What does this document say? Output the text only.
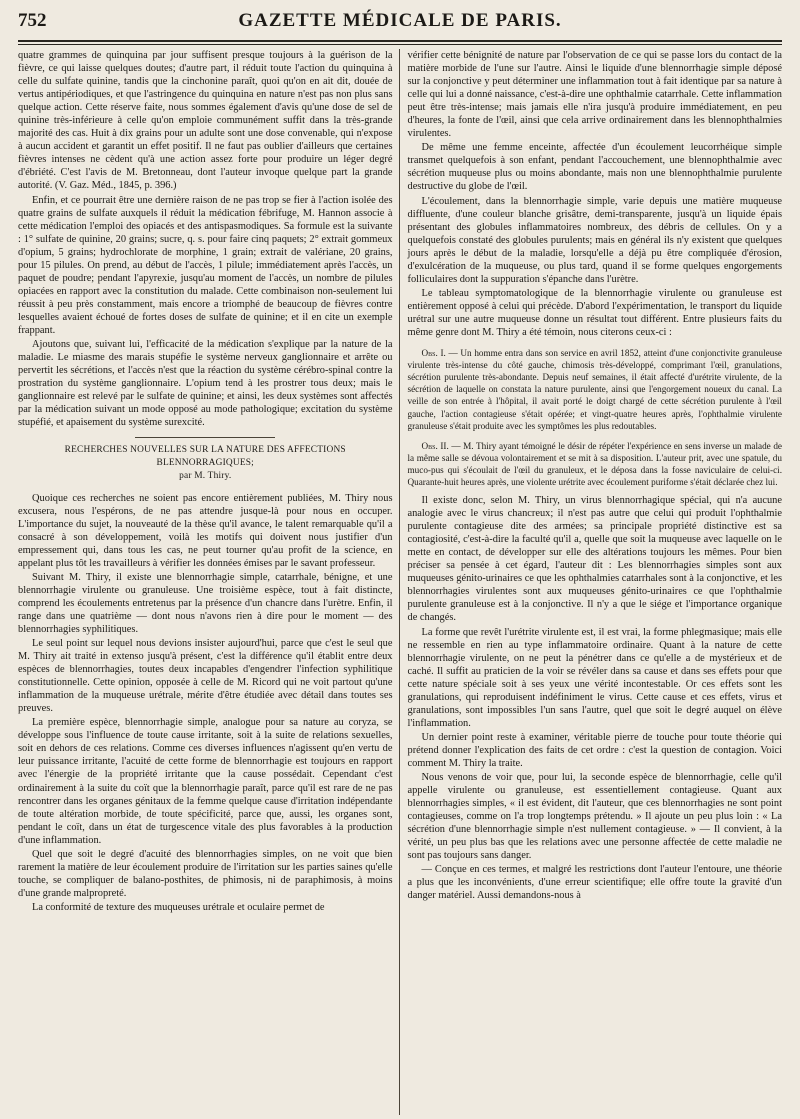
752	GAZETTE MÉDICALE DE PARIS.

quatre grammes de quinquina par jour suffisent presque toujours à la guérison de la fièvre, ce qui laisse quelques doutes; d'autre part, il réduit toute l'action du quinquina à celle du sulfate quinine, tandis que la cinchonine paraît, quoi qu'on en ait dit, douée de vertus antipériodiques, et que l'astringence du quinquina en nature n'est pas non plus sans quelque action. Cette réserve faite, nous sommes également d'avis qu'une dose de sel de quinine très-inférieure à celle qu'on emploie communément suffit dans la très-grande majorité des cas. Huit à dix grains pour un adulte sont une dose convenable, qui n'expose à aucun accident et garantit un effet positif. Il ne faut pas oublier d'ailleurs que certaines fièvres intenses ne cèdent qu'à une action assez forte pour produire un léger degré d'ébriété. C'est l'avis de M. Bretonneau, dont l'auteur invoque quelque part la grande autorité. (V. Gaz. Méd., 1845, p. 396.)

Enfin, et ce pourrait être une dernière raison de ne pas trop se fier à l'action isolée des quatre grains de sulfate auxquels il réduit la médication fébrifuge, M. Hannon associe à cette médication l'emploi des opiacés et des antispasmodiques. Sa formule est la suivante : 1° sulfate de quinine, 20 grains; sucre, q. s. pour faire cinq paquets; 2° extrait gommeux d'opium, 5 grains; hydrochlorate de morphine, 1 grain; extrait de valériane, 20 grains, pour 15 pilules. On prend, au début de l'accès, 1 pilule; immédiatement après l'accès, un paquet de poudre; pendant l'apyrexie, jusqu'au moment de l'accès, un nombre de pilules opiacées en rapport avec la constitution du malade. Cette combinaison non-seulement lui réussit à peu près constamment, mais encore a triomphé de beaucoup de fièvres contre lesquelles avaient échoué de fortes doses de sulfate de quinine; et il en cite un exemple frappant.

Ajoutons que, suivant lui, l'efficacité de la médication s'explique par la nature de la maladie. Le miasme des marais stupéfie le système nerveux ganglionnaire et arrête ou pervertit les sécrétions, et l'accès n'est que la réaction du système cérébro-spinal contre la prostration du système ganglionnaire. L'opium tend à les prostrer tous deux; mais le ganglionnaire est relevé par le sulfate de quinine; et ainsi, les deux systèmes sont affectés par la médication suivant un mode opposé au mode pathologique; excitation du système stupéfié, et apaisement du système surexcité.

RECHERCHES NOUVELLES SUR LA NATURE DES AFFECTIONS BLENNORRAGIQUES;

par M. Thiry.

Quoique ces recherches ne soient pas encore entièrement publiées, M. Thiry nous excusera, nous l'espérons, de ne pas attendre jusque-là pour nous en occuper. L'importance du sujet, la nouveauté de la thèse qu'il avance, le talent remarquable qu'il a consacré à son développement, voilà les motifs qui doivent nous justifier d'un empressement qui, dans tous les cas, ne peut tourner qu'au profit de la science, en appelant plus tôt les travailleurs à vérifier les données émises par le savant professeur.

Suivant M. Thiry, il existe une blennorrhagie simple, catarrhale, bénigne, et une blennorrhagie virulente ou granuleuse. Une troisième espèce, tout à fait distincte, comprend les écoulements entretenus par la présence d'un chancre dans l'urètre. Enfin, il range dans une quatrième — dont nous n'avons rien à dire pour le moment — des blennorrhagies syphilitiques.

Le seul point sur lequel nous devions insister aujourd'hui, parce que c'est le seul que M. Thiry ait traité in extenso jusqu'à présent, c'est la différence qu'il établit entre deux espèces de blennorrhagies, toutes deux incapables d'engendrer l'infection syphilitique constitutionnelle. Cette opinion, opposée à celle de M. Ricord qui ne voit partout qu'une inflammation de la muqueuse urétrale, mérite d'être étudiée avec détail dans toutes ses preuves.

La première espèce, blennorrhagie simple, analogue pour sa nature au coryza, se développe sous l'influence de toute cause irritante, soit à la suite de relations sexuelles, soit en dehors de ces relations. Comme ces diverses influences n'agissent qu'en vertu de leur puissance irritante, l'acuité de cette forme de blennorrhagie est toujours en rapport avec l'énergie de la propriété irritante que la cause possédait. Cependant c'est ordinairement à la suite du coït que la blennorrhagie paraît, parce qu'il est rare de ne pas rencontrer dans les organes génitaux de la femme quelque cause d'irritation indépendante de toute altération morbide, de toute spécificité, parce que, aussi, les organes sont, pendant le coït, dans un état de turgescence vitale des plus favorables à la production d'une inflammation.

Quel que soit le degré d'acuité des blennorrhagies simples, on ne voit que bien rarement la matière de leur écoulement produire de l'irritation sur les parties saines qu'elle touche, se compliquer de balano-posthites, de phimosis, ni de paraphimosis, à moins d'une grande malpropreté.

La conformité de texture des muqueuses urétrale et oculaire permet de

vérifier cette bénignité de nature par l'observation de ce qui se passe lors du contact de la matière morbide de l'une sur l'autre. Ainsi le liquide d'une blennorrhagie simple déposé sur la conjonctive y peut déterminer une inflammation tout à fait identique par sa nature à celle qui lui a donné naissance, c'est-à-dire une ophthalmie catarrhale. Cette inflammation peut être très-intense; mais jamais elle n'ira jusqu'à produire immédiatement, en peu d'heures, la fonte de l'œil, ainsi que cela arrive ordinairement dans les blennophthalmies virulentes.

De même une femme enceinte, affectée d'un écoulement leucorrhéique simple transmet quelquefois à son enfant, pendant l'accouchement, une blennophthalmie avec sécrétion muqueuse plus ou moins abondante, mais non une blennophthalmie purulente destructive du globe de l'œil.

L'écoulement, dans la blennorrhagie simple, varie depuis une matière muqueuse diffluente, d'une couleur blanche grisâtre, demi-transparente, jusqu'à un liquide épais présentant des globules inflammatoires nombreux, des débris de cellules. On y a quelquefois constaté des globules purulents; mais en général ils n'y existent que quelques jours après le début de la maladie, lorsqu'elle a déjà pu être compliquée d'érosion, d'exulcération de la muqueuse, ou plus tard, quand il se forme quelques engorgements folliculaires dont la suppuration s'épanche dans l'urètre.

Le tableau symptomatologique de la blennorrhagie virulente ou granuleuse est entièrement opposé à celui qui précède. D'abord l'expérimentation, le transport du liquide urétral sur une autre muqueuse donne un résultat tout différent. Entre plusieurs faits du même genre dont M. Thiry a été témoin, nous citerons ceux-ci :

Obs. I. — Un homme entra dans son service en avril 1852, atteint d'une conjonctivite granuleuse virulente très-intense du côté gauche, chimosis très-développé, comprimant l'œil, granulations, sécrétion purulente très-abondante. Depuis neuf semaines, il était affecté d'urétrite virulente, de la sécrétion de laquelle on constata la nature purulente, ainsi que l'engorgement noueux du canal. La veille de son entrée à l'hôpital, il avait porté le doigt chargé de cette sécrétion purulente à l'œil gauche, l'action contagieuse s'était opérée; et vingt-quatre heures après, l'ophthalmie virulente granuleuse s'était produite avec les symptômes les plus redoutables.

Obs. II. — M. Thiry ayant témoigné le désir de répéter l'expérience en sens inverse un malade de la même salle se dévoua volontairement et se mit à sa disposition. L'auteur prit, avec une spatule, du muco-pus qui s'écoulait de l'œil du granuleux, et le déposa dans la fosse naviculaire de celui-ci. Quarante-huit heures après, une violente urétrite avec écoulement puriforme s'était déclarée chez lui.

Il existe donc, selon M. Thiry, un virus blennorrhagique spécial, qui n'a aucune analogie avec le virus chancreux; il n'est pas autre que celui qui produit l'ophthalmie purulente contagieuse dite des armées; sa principale propriété distinctive est sa contagiosité, c'est-à-dire la faculté qu'il a, quelle que soit la muqueuse avec laquelle on le mette en contact, de développer sur elle des altérations toujours les mêmes. Pour bien préciser sa pensée à cet égard, l'auteur dit : Les blennorrhagies simples sont aux muqueuses génito-urinaires ce que les ophthalmies catarrhales sont à la conjonctive, et les blennorrhagies virulentes sont aux muqueuses génito-urinaires ce que l'ophthalmie purulente granuleuse est à la conjonctive. Il n'y a que le siége et l'importance organique de changés.

La forme que revêt l'urétrite virulente est, il est vrai, la forme phlegmasique; mais elle ne ressemble en rien au type inflammatoire ordinaire. Quant à la nature de cette blennorrhagie virulente, on ne peut la pénétrer dans ce qu'elle a de mystérieux et de caché. Il suffit au praticien de la voir se révéler dans sa cause et dans ses effets pour que cette nature spéciale soit à ses yeux une vérité incontestable. Or ces effets sont les granulations, qui reproduisent indéfiniment le virus. Cette cause et ces effets, virus et granulations, sont impossibles l'un sans l'autre, quel que soit le degré auquel on élève l'inflammation.

Un dernier point reste à examiner, véritable pierre de touche pour toute théorie qui prétend donner l'explication des faits de cet ordre : c'est la question de contagion. Voici comment M. Thiry la traite.

Nous venons de voir que, pour lui, la seconde espèce de blennorrhagie, celle qu'il appelle virulente ou granuleuse, est essentiellement contagieuse. Quant aux blennorrhagies simples, « il est évident, dit l'auteur, que ces blennorrhagies ne sont point contagieuses, comme on l'a trop longtemps prétendu. » Il ajoute un peu plus loin : « La sécrétion d'une blennorrhagie simple n'est nullement contagieuse. » — Il convient, à la vérité, un peu plus bas que les relations avec une personne affectée de cette maladie ne sont pas toujours sans danger.

— Conçue en ces termes, et malgré les restrictions dont l'auteur l'entoure, une théorie a plus que les inconvénients, d'une erreur scientifique; elle offre toute la gravité d'un danger matériel. Aussi demandons-nous à
